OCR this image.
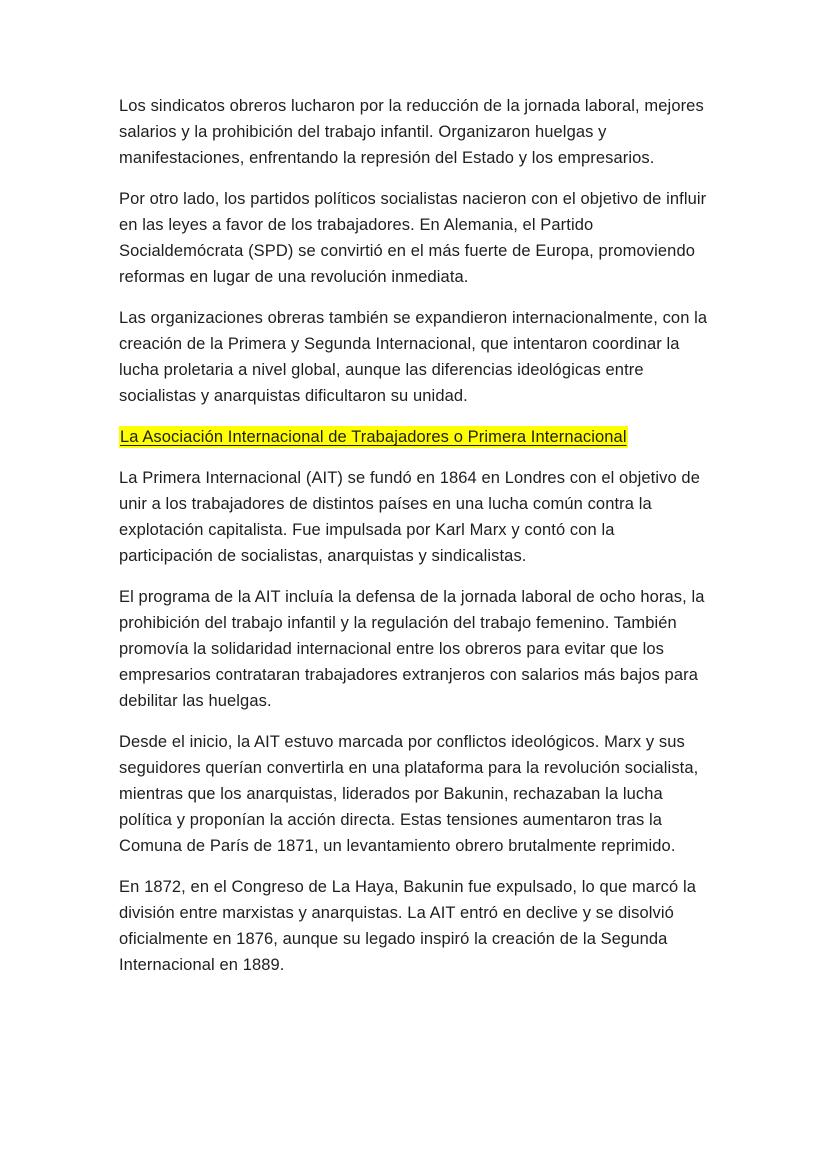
Los sindicatos obreros lucharon por la reducción de la jornada laboral, mejores salarios y la prohibición del trabajo infantil. Organizaron huelgas y manifestaciones, enfrentando la represión del Estado y los empresarios.

Por otro lado, los partidos políticos socialistas nacieron con el objetivo de influir en las leyes a favor de los trabajadores. En Alemania, el Partido Socialdemócrata (SPD) se convirtió en el más fuerte de Europa, promoviendo reformas en lugar de una revolución inmediata.

Las organizaciones obreras también se expandieron internacionalmente, con la creación de la Primera y Segunda Internacional, que intentaron coordinar la lucha proletaria a nivel global, aunque las diferencias ideológicas entre socialistas y anarquistas dificultaron su unidad.

La Asociación Internacional de Trabajadores o Primera Internacional

La Primera Internacional (AIT) se fundó en 1864 en Londres con el objetivo de unir a los trabajadores de distintos países en una lucha común contra la explotación capitalista. Fue impulsada por Karl Marx y contó con la participación de socialistas, anarquistas y sindicalistas.

El programa de la AIT incluía la defensa de la jornada laboral de ocho horas, la prohibición del trabajo infantil y la regulación del trabajo femenino. También promovía la solidaridad internacional entre los obreros para evitar que los empresarios contrataran trabajadores extranjeros con salarios más bajos para debilitar las huelgas.

Desde el inicio, la AIT estuvo marcada por conflictos ideológicos. Marx y sus seguidores querían convertirla en una plataforma para la revolución socialista, mientras que los anarquistas, liderados por Bakunin, rechazaban la lucha política y proponían la acción directa. Estas tensiones aumentaron tras la Comuna de París de 1871, un levantamiento obrero brutalmente reprimido.

En 1872, en el Congreso de La Haya, Bakunin fue expulsado, lo que marcó la división entre marxistas y anarquistas. La AIT entró en declive y se disolvió oficialmente en 1876, aunque su legado inspiró la creación de la Segunda Internacional en 1889.
